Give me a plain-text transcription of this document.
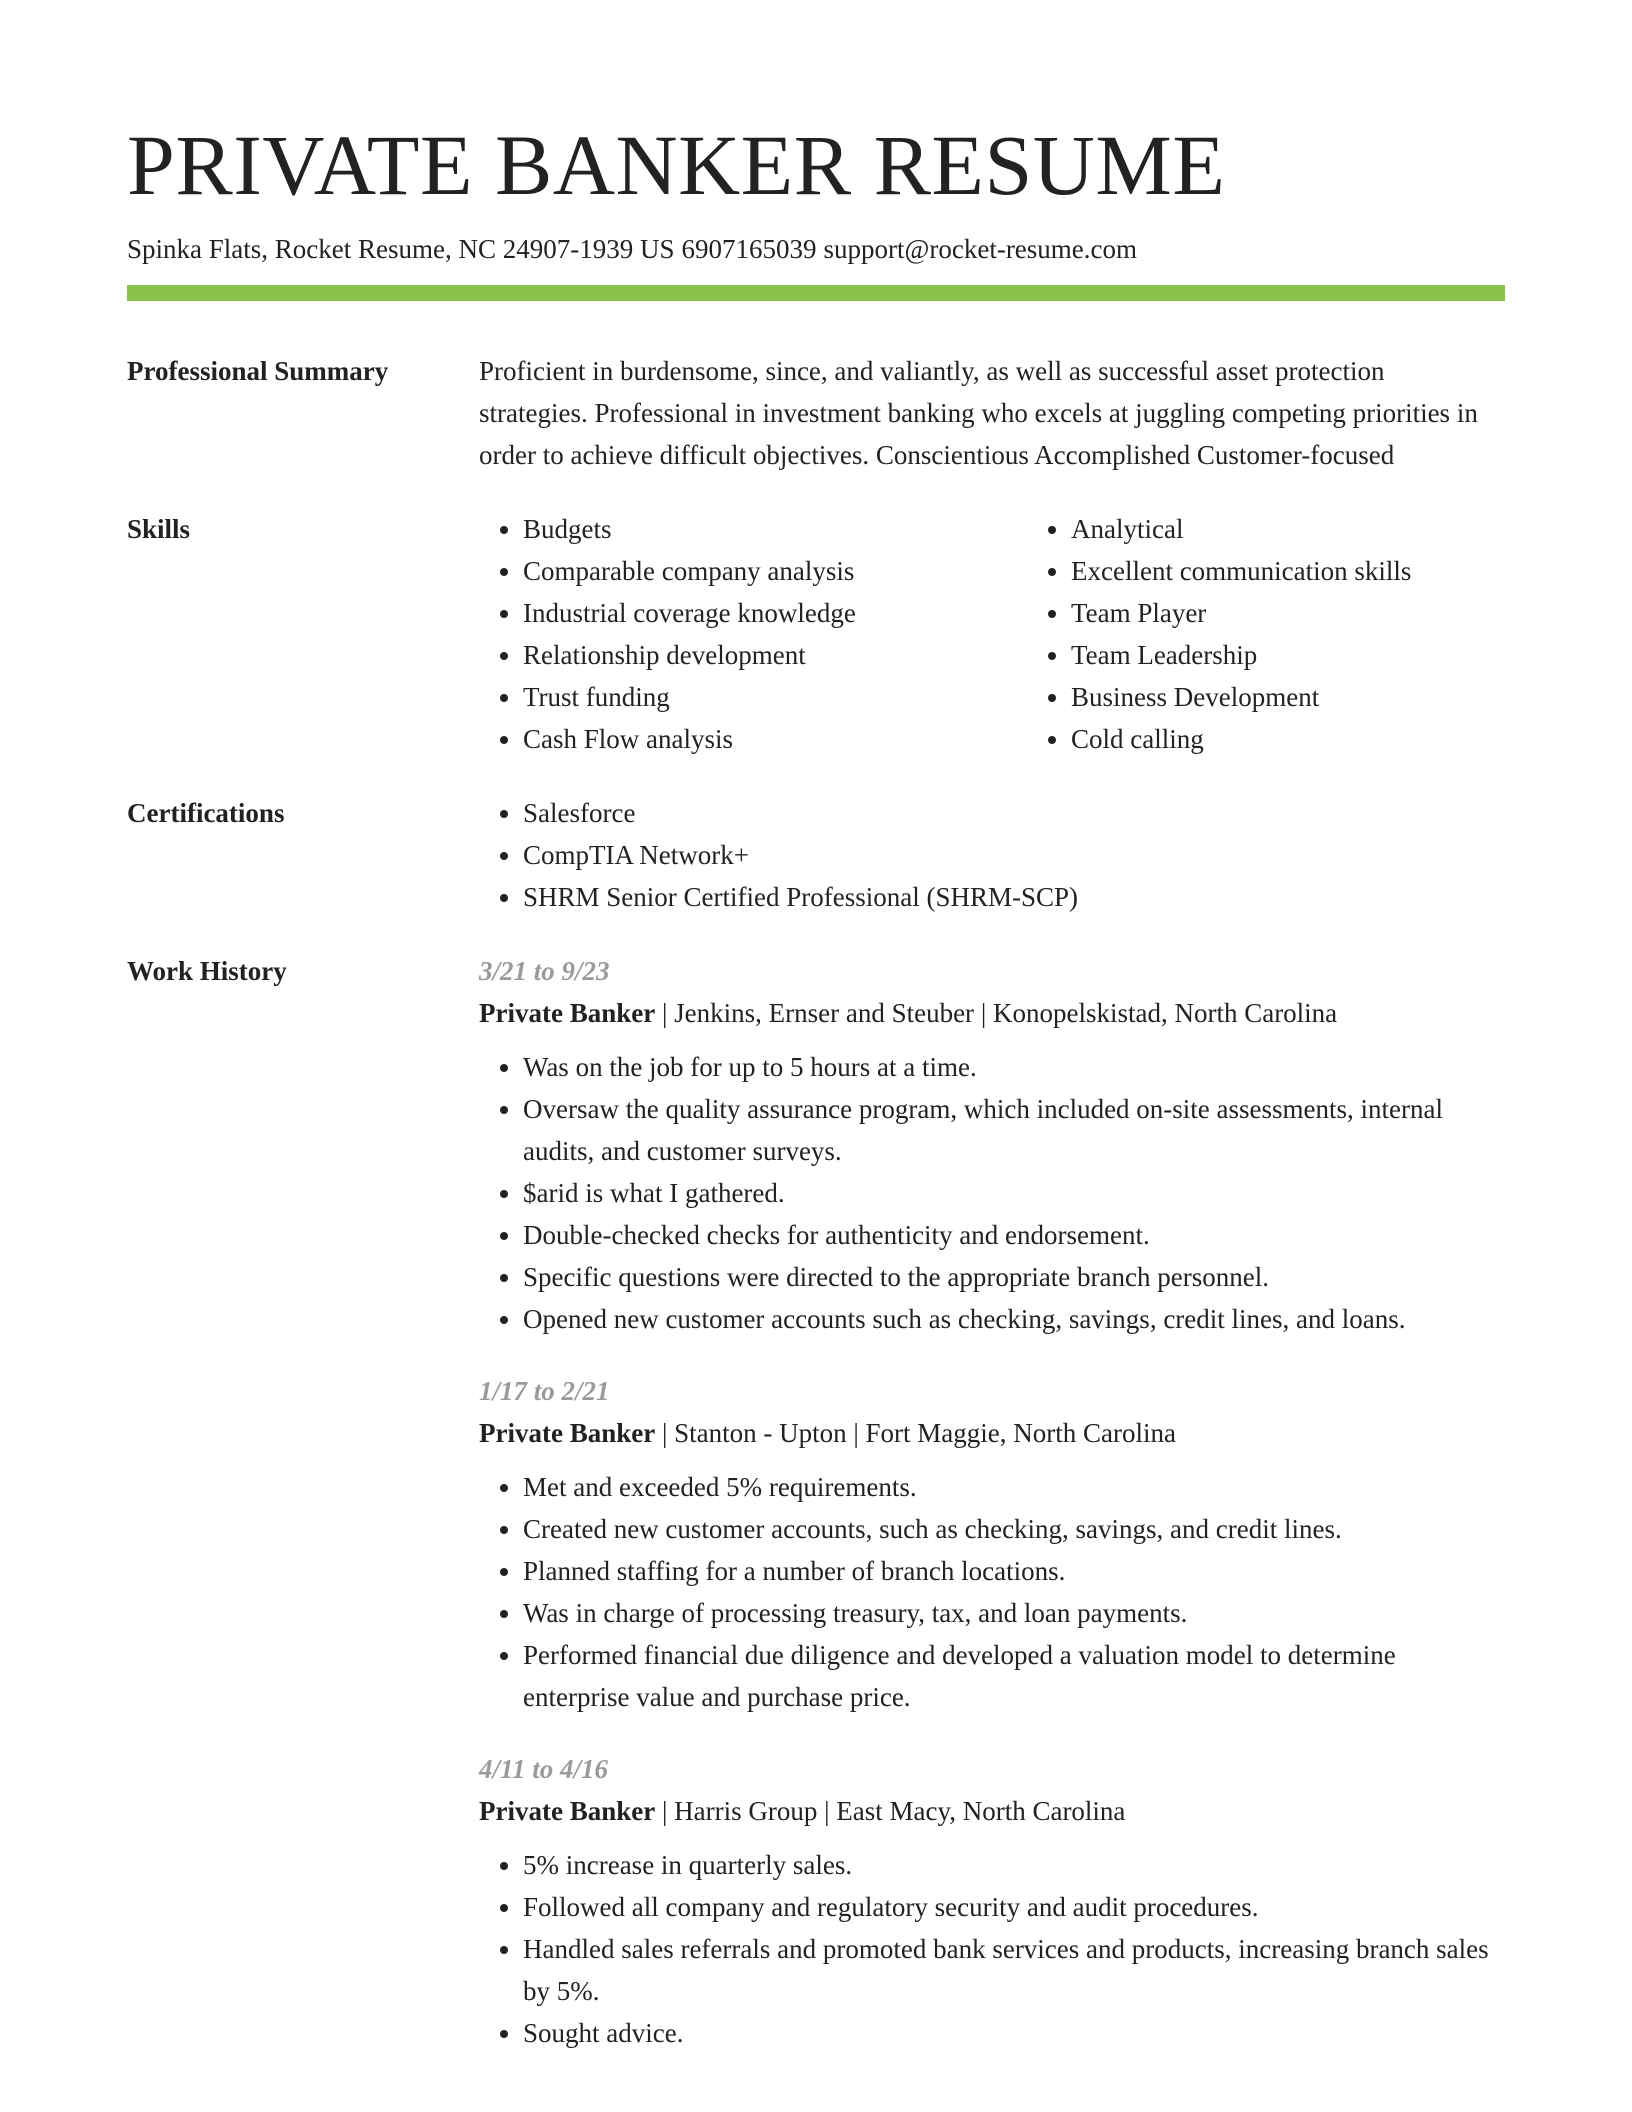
PRIVATE BANKER RESUME
Spinka Flats, Rocket Resume, NC 24907-1939 US 6907165039 support@rocket-resume.com
Professional Summary	Proficient in burdensome, since, and valiantly, as well as successful asset protection strategies. Professional in investment banking who excels at juggling competing priorities in order to achieve difficult objectives. Conscientious Accomplished Customer-focused

Skills	• Budgets
• Comparable company analysis
• Industrial coverage knowledge
• Relationship development
• Trust funding
• Cash Flow analysis
• Analytical
• Excellent communication skills
• Team Player
• Team Leadership
• Business Development
• Cold calling
Certifications	• Salesforce
• CompTIA Network+
• SHRM Senior Certified Professional (SHRM-SCP)
Work History	3/21 to 9/23
Private Banker | Jenkins, Ernser and Steuber | Konopelskistad, North Carolina
• Was on the job for up to 5 hours at a time.
• Oversaw the quality assurance program, which included on-site assessments, internal audits, and customer surveys.
• $arid is what I gathered.
• Double-checked checks for authenticity and endorsement.
• Specific questions were directed to the appropriate branch personnel.
• Opened new customer accounts such as checking, savings, credit lines, and loans.
1/17 to 2/21
Private Banker | Stanton - Upton | Fort Maggie, North Carolina
• Met and exceeded 5% requirements.
• Created new customer accounts, such as checking, savings, and credit lines.
• Planned staffing for a number of branch locations.
• Was in charge of processing treasury, tax, and loan payments.
• Performed financial due diligence and developed a valuation model to determine enterprise value and purchase price.
4/11 to 4/16
Private Banker | Harris Group | East Macy, North Carolina
• 5% increase in quarterly sales.
• Followed all company and regulatory security and audit procedures.
• Handled sales referrals and promoted bank services and products, increasing branch sales by 5%.
• Sought advice.
